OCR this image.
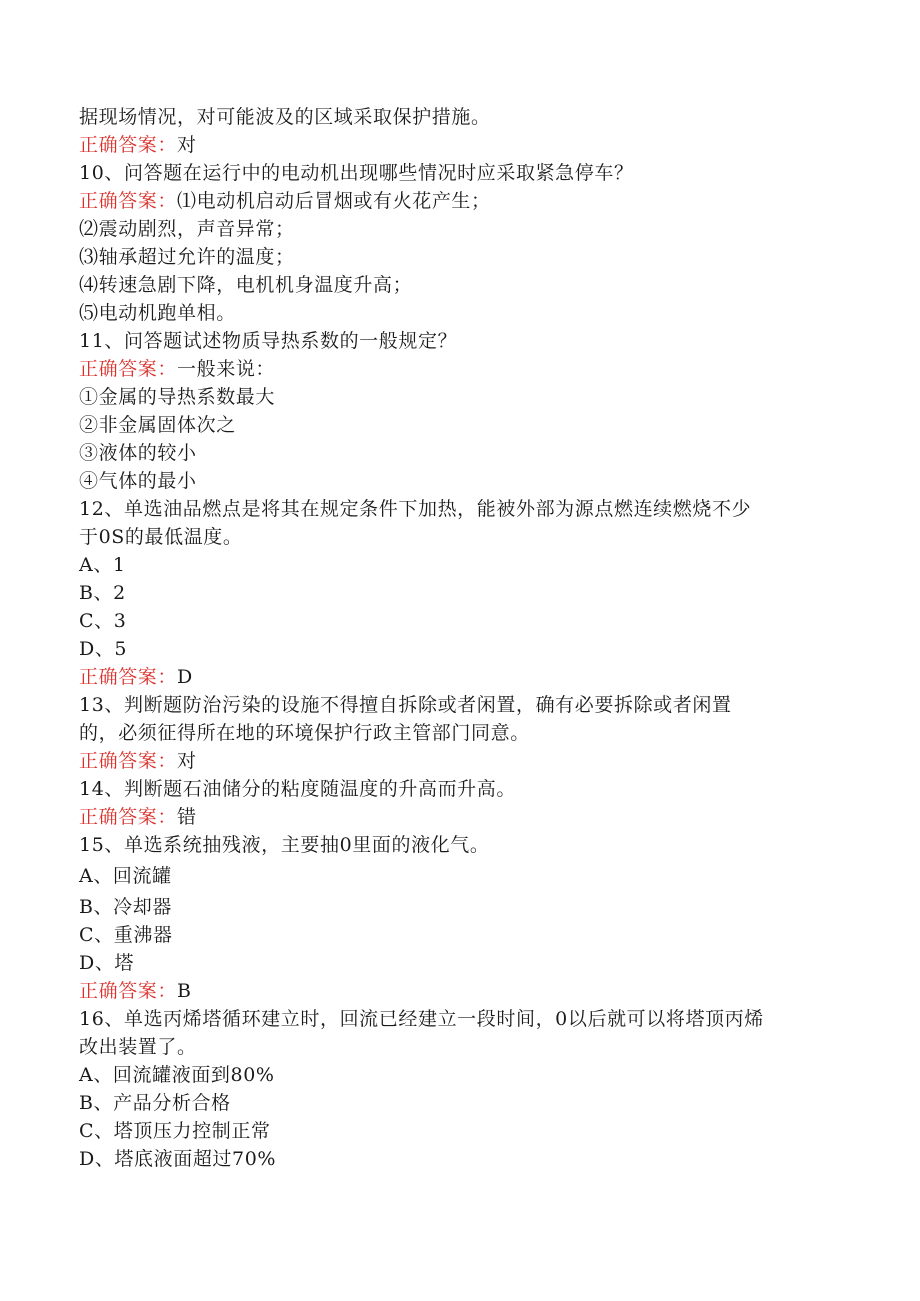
据现场情况，对可能波及的区域采取保护措施。
正确答案：对
10、问答题在运行中的电动机出现哪些情况时应采取紧急停车？
正确答案：⑴电动机启动后冒烟或有火花产生；
⑵震动剧烈，声音异常；
⑶轴承超过允许的温度；
⑷转速急剧下降，电机机身温度升高；
⑸电动机跑单相。
11、问答题试述物质导热系数的一般规定？
正确答案：一般来说：
①金属的导热系数最大
②非金属固体次之
③液体的较小
④气体的最小
12、单选油品燃点是将其在规定条件下加热，能被外部为源点燃连续燃烧不少
于0S的最低温度。
A、1
B、2
C、3
D、5
正确答案：D
13、判断题防治污染的设施不得擅自拆除或者闲置，确有必要拆除或者闲置
的，必须征得所在地的环境保护行政主管部门同意。
正确答案：对
14、判断题石油储分的粘度随温度的升高而升高。
正确答案：错
15、单选系统抽残液，主要抽0里面的液化气。
A、回流罐
B、冷却器
C、重沸器
D、塔
正确答案：B
16、单选丙烯塔循环建立时，回流已经建立一段时间，0以后就可以将塔顶丙烯
改出装置了。
A、回流罐液面到80%
B、产品分析合格
C、塔顶压力控制正常
D、塔底液面超过70%
